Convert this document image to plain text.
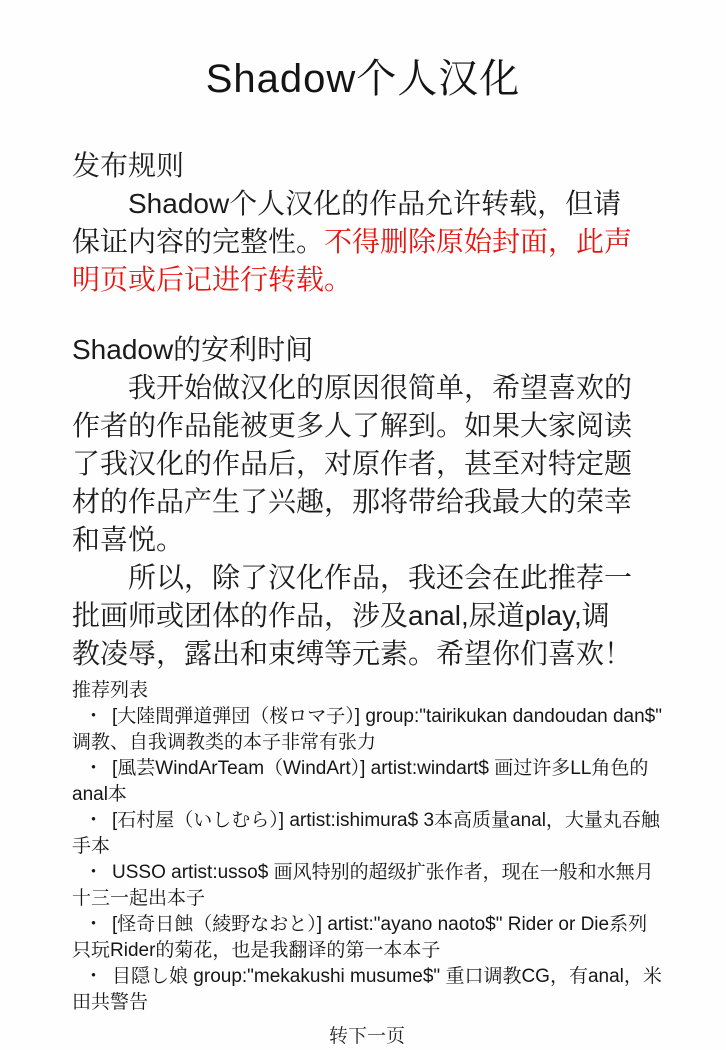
Shadow个人汉化
发布规则

Shadow个人汉化的作品允许转载，但请保证内容的完整性。不得删除原始封面，此声明页或后记进行转载。

Shadow的安利时间

我开始做汉化的原因很简单，希望喜欢的作者的作品能被更多人了解到。如果大家阅读了我汉化的作品后，对原作者，甚至对特定题材的作品产生了兴趣，那将带给我最大的荣幸和喜悦。

所以，除了汉化作品，我还会在此推荐一批画师或团体的作品，涉及anal,尿道play,调教凌辱，露出和束缚等元素。希望你们喜欢！

推荐列表
・ [大陸間弾道弾団（桜ロマ子）] group:"tairikukan dandoudan dan$" 调教、自我调教类的本子非常有张力
・ [風芸WindArTeam（WindArt）] artist:windart$ 画过许多LL角色的anal本
・ [石村屋（いしむら）] artist:ishimura$ 3本高质量anal，大量丸吞触手本
・ USSO artist:usso$ 画风特别的超级扩张作者，现在一般和水無月十三一起出本子
・ [怪奇日蝕（綾野なおと）] artist:"ayano naoto$" Rider or Die系列只玩Rider的菊花，也是我翻译的第一本本子
・ 目隠し娘 group:"mekakushi musume$" 重口调教CG，有anal，米田共警告
转下一页
